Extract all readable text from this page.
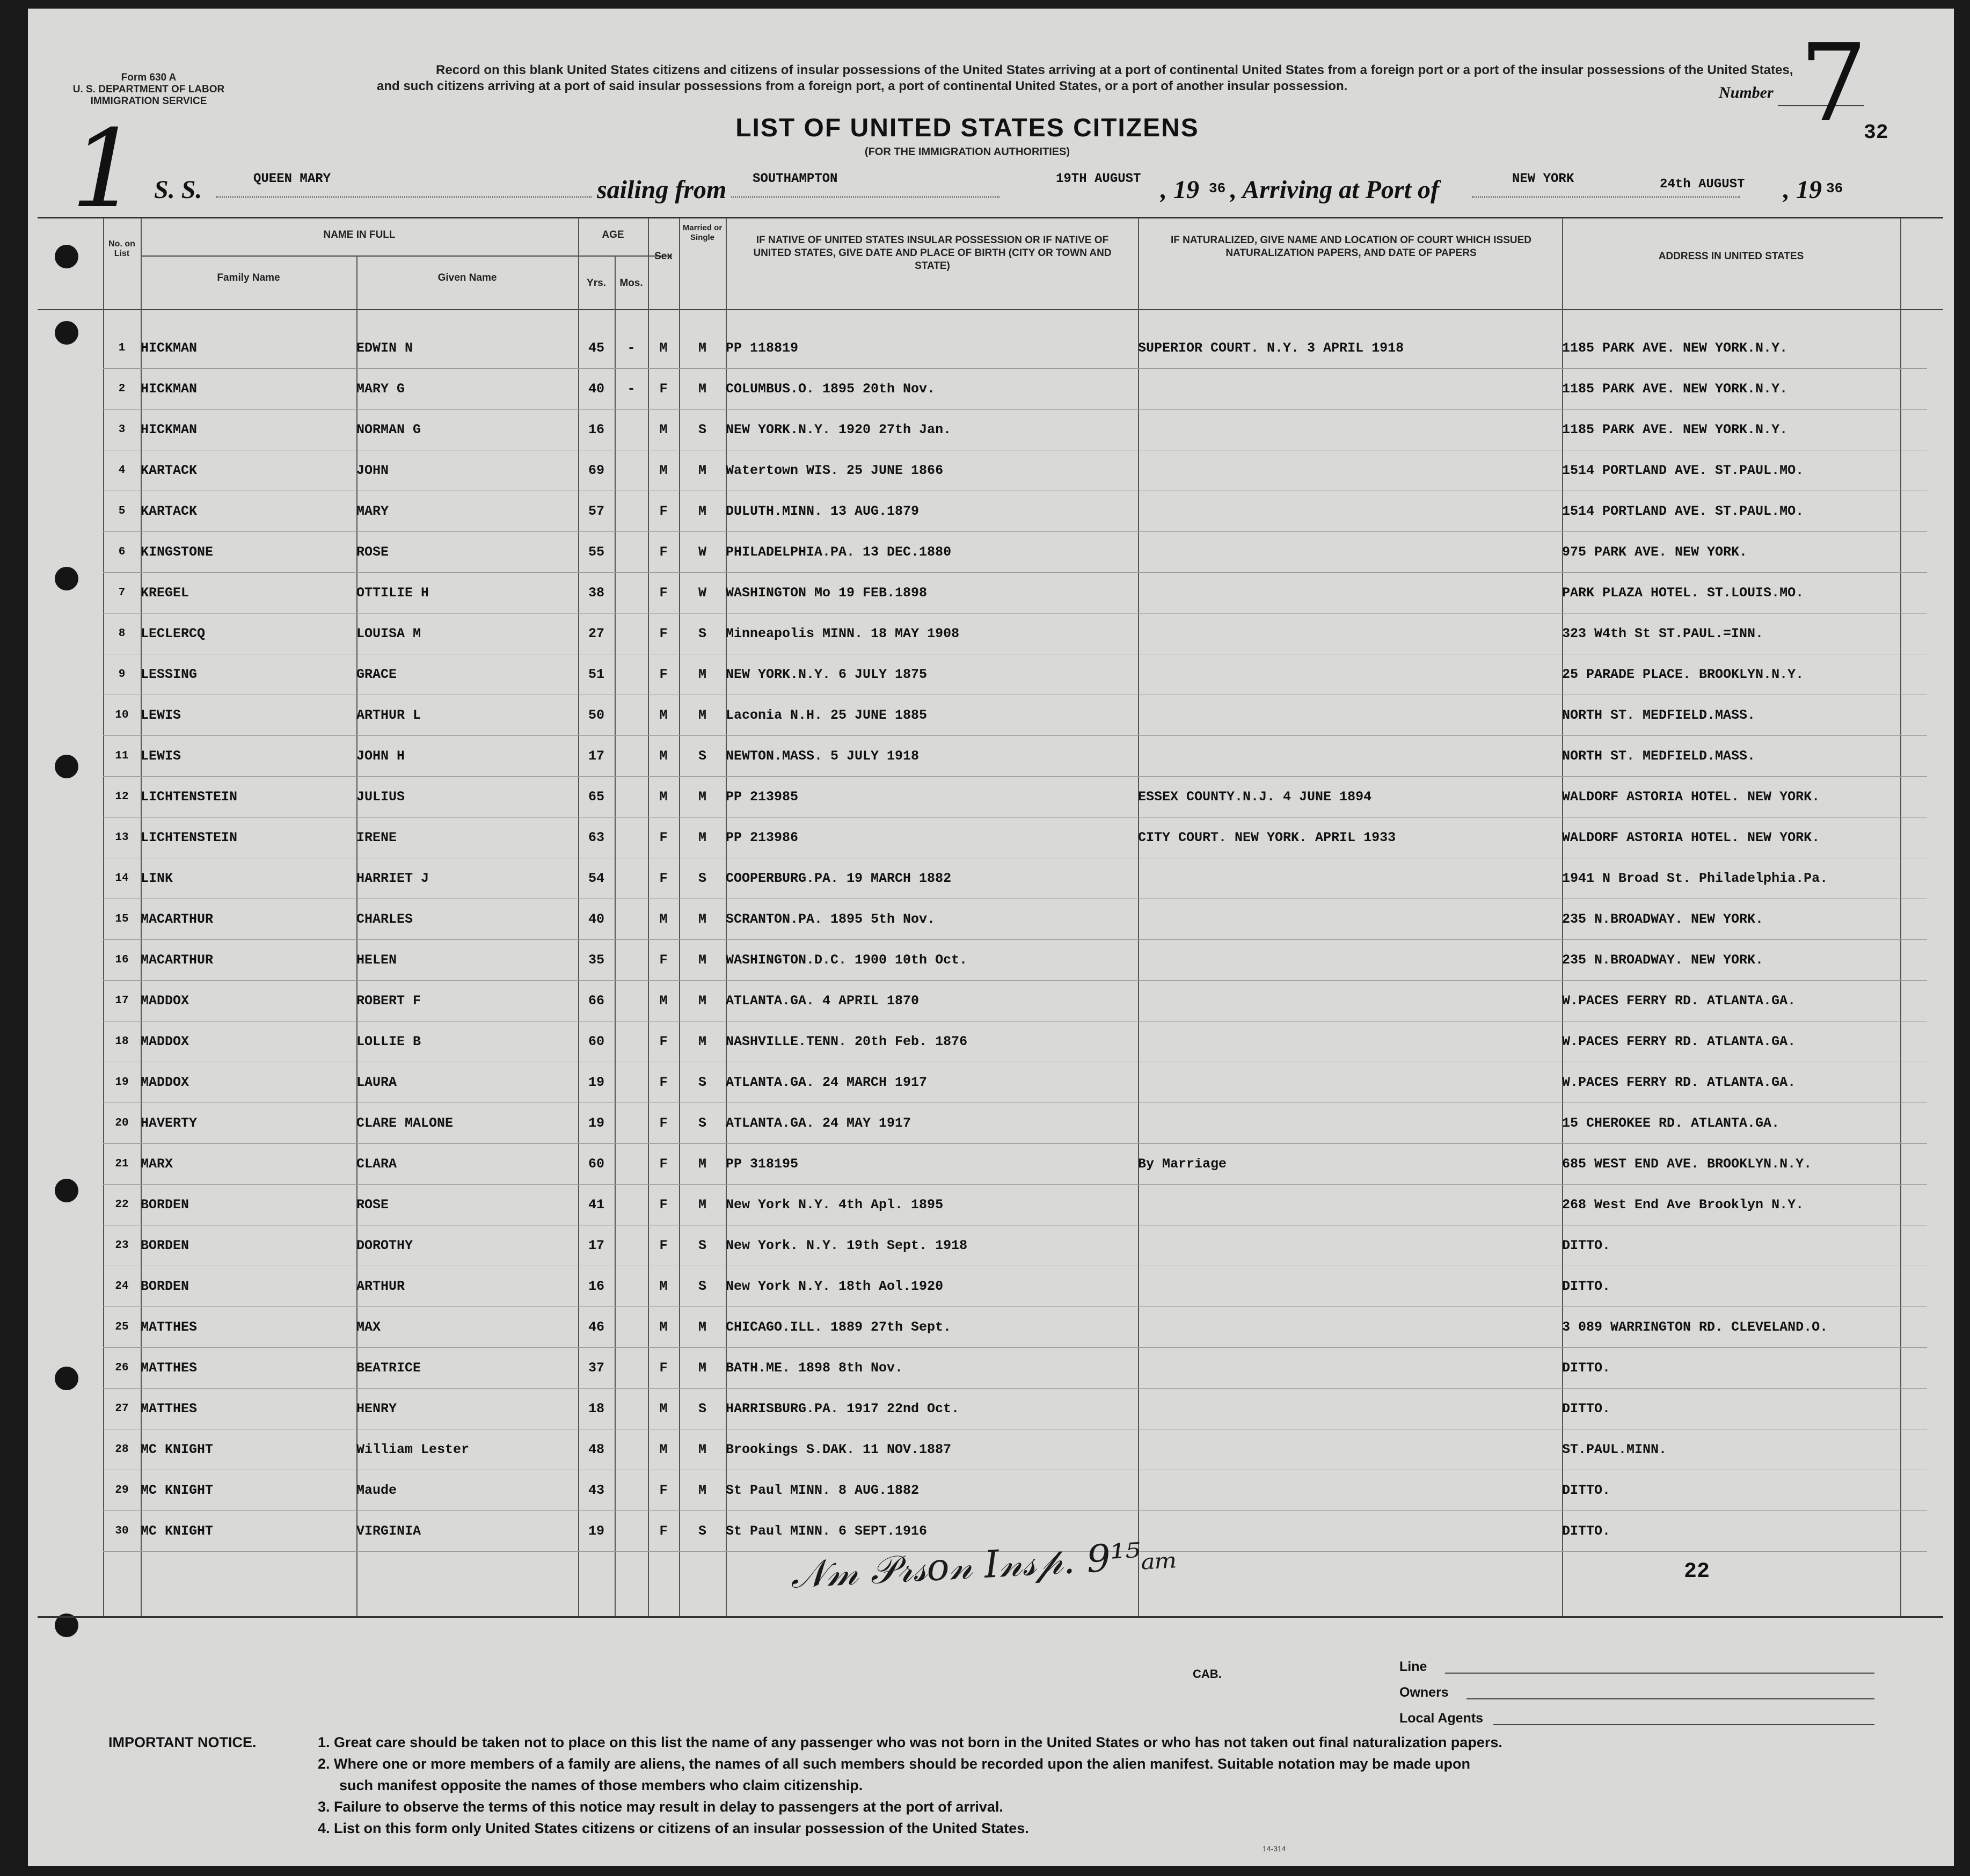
Form 630 A
U. S. DEPARTMENT OF LABOR
IMMIGRATION SERVICE
1
Record on this blank United States citizens and citizens of insular possessions of the United States arriving at a port of continental United States from a foreign port or a port of the insular possessions of the United States, and such citizens arriving at a port of said insular possessions from a foreign port, a port of continental United States, or a port of another insular possession.	Number 7
32
LIST OF UNITED STATES CITIZENS
(FOR THE IMMIGRATION AUTHORITIES)
S. S.	QUEEN MARY	sailing from SOUTHAMPTON	19TH AUGUST , 19 36 , Arriving at Port of	NEW YORK	24th AUGUST , 19 36
No. on List
NAME IN FULL
Family Name	Given Name
AGE
Yrs.	Mos.
Sex
Married or Single	IF NATIVE OF UNITED STATES INSULAR POSSESSION OR IF NATIVE OF UNITED STATES, GIVE DATE AND PLACE OF BIRTH (CITY OR TOWN AND STATE)
IF NATURALIZED, GIVE NAME AND LOCATION OF COURT WHICH ISSUED NATURALIZATION PAPERS, AND DATE OF PAPERS	ADDRESS IN UNITED STATES
1	HICKMAN	EDWIN N	45	-	M	M	PP 118819	SUPERIOR COURT. N.Y. 3 APRIL 1918	1185 PARK AVE. NEW YORK.N.Y.	
2	HICKMAN	MARY G	40	-	F	M	COLUMBUS.O. 1895 20th Nov.		1185 PARK AVE. NEW YORK.N.Y.	
3	HICKMAN	NORMAN G	16		M	S	NEW YORK.N.Y. 1920 27th Jan.		1185 PARK AVE. NEW YORK.N.Y.	
4	KARTACK	JOHN	69		M	M	Watertown WIS. 25 JUNE 1866		1514 PORTLAND AVE. ST.PAUL.MO.	
5	KARTACK	MARY	57		F	M	DULUTH.MINN. 13 AUG.1879		1514 PORTLAND AVE. ST.PAUL.MO.	
6	KINGSTONE	ROSE	55		F	W	PHILADELPHIA.PA. 13 DEC.1880		975 PARK AVE. NEW YORK.	
7	KREGEL	OTTILIE H	38		F	W	WASHINGTON Mo 19 FEB.1898		PARK PLAZA HOTEL. ST.LOUIS.MO.	
8	LECLERCQ	LOUISA M	27		F	S	Minneapolis MINN. 18 MAY 1908		323 W4th St ST.PAUL.=INN.	
9	LESSING	GRACE	51		F	M	NEW YORK.N.Y. 6 JULY 1875		25 PARADE PLACE. BROOKLYN.N.Y.	
10	LEWIS	ARTHUR L	50		M	M	Laconia N.H. 25 JUNE 1885		NORTH ST. MEDFIELD.MASS.	
11	LEWIS	JOHN H	17		M	S	NEWTON.MASS. 5 JULY 1918		NORTH ST. MEDFIELD.MASS.	
12	LICHTENSTEIN	JULIUS	65		M	M	PP 213985	ESSEX COUNTY.N.J. 4 JUNE 1894	WALDORF ASTORIA HOTEL. NEW YORK.	
13	LICHTENSTEIN	IRENE	63		F	M	PP 213986	CITY COURT. NEW YORK. APRIL 1933	WALDORF ASTORIA HOTEL. NEW YORK.	
14	LINK	HARRIET J	54		F	S	COOPERBURG.PA. 19 MARCH 1882		1941 N Broad St. Philadelphia.Pa.	
15	MACARTHUR	CHARLES	40		M	M	SCRANTON.PA. 1895 5th Nov.		235 N.BROADWAY. NEW YORK.	
16	MACARTHUR	HELEN	35		F	M	WASHINGTON.D.C. 1900 10th Oct.		235 N.BROADWAY. NEW YORK.	
17	MADDOX	ROBERT F	66		M	M	ATLANTA.GA. 4 APRIL 1870		W.PACES FERRY RD. ATLANTA.GA.	
18	MADDOX	LOLLIE B	60		F	M	NASHVILLE.TENN. 20th Feb. 1876		W.PACES FERRY RD. ATLANTA.GA.	
19	MADDOX	LAURA	19		F	S	ATLANTA.GA. 24 MARCH 1917		W.PACES FERRY RD. ATLANTA.GA.	
20	HAVERTY	CLARE MALONE	19		F	S	ATLANTA.GA. 24 MAY 1917		15 CHEROKEE RD. ATLANTA.GA.	
21	MARX	CLARA	60		F	M	PP 318195	By Marriage	685 WEST END AVE. BROOKLYN.N.Y.	
22	BORDEN	ROSE	41		F	M	New York N.Y. 4th Apl. 1895		268 West End Ave Brooklyn N.Y.	
23	BORDEN	DOROTHY	17		F	S	New York. N.Y. 19th Sept. 1918		DITTO.	
24	BORDEN	ARTHUR	16		M	S	New York N.Y. 18th Aol.1920		DITTO.	
25	MATTHES	MAX	46		M	M	CHICAGO.ILL. 1889 27th Sept.		3 089 WARRINGTON RD. CLEVELAND.O.	
26	MATTHES	BEATRICE	37		F	M	BATH.ME. 1898 8th Nov.		DITTO.	
27	MATTHES	HENRY	18		M	S	HARRISBURG.PA. 1917 22nd Oct.		DITTO.	
28	MC KNIGHT	William Lester	48		M	M	Brookings S.DAK. 11 NOV.1887		ST.PAUL.MINN.	
29	MC KNIGHT	Maude	43		F	M	St Paul MINN. 8 AUG.1882		DITTO.	
30	MC KNIGHT	VIRGINIA	19		F	S	St Paul MINN. 6 SEPT.1916		DITTO.	
𝒩𝓂 𝒫𝓇𝓈𝑜𝓃 𝐼𝓃𝓈𝓅. 9¹⁵ₐₘ	22
CAB.	Line
Owners
Local Agents
IMPORTANT NOTICE.	1. Great care should be taken not to place on this list the name of any passenger who was not born in the United States or who has not taken out final naturalization papers.
2. Where one or more members of a family are aliens, the names of all such members should be recorded upon the alien manifest. Suitable notation may be made upon
such manifest opposite the names of those members who claim citizenship.
3. Failure to observe the terms of this notice may result in delay to passengers at the port of arrival.
4. List on this form only United States citizens or citizens of an insular possession of the United States.
14-314
